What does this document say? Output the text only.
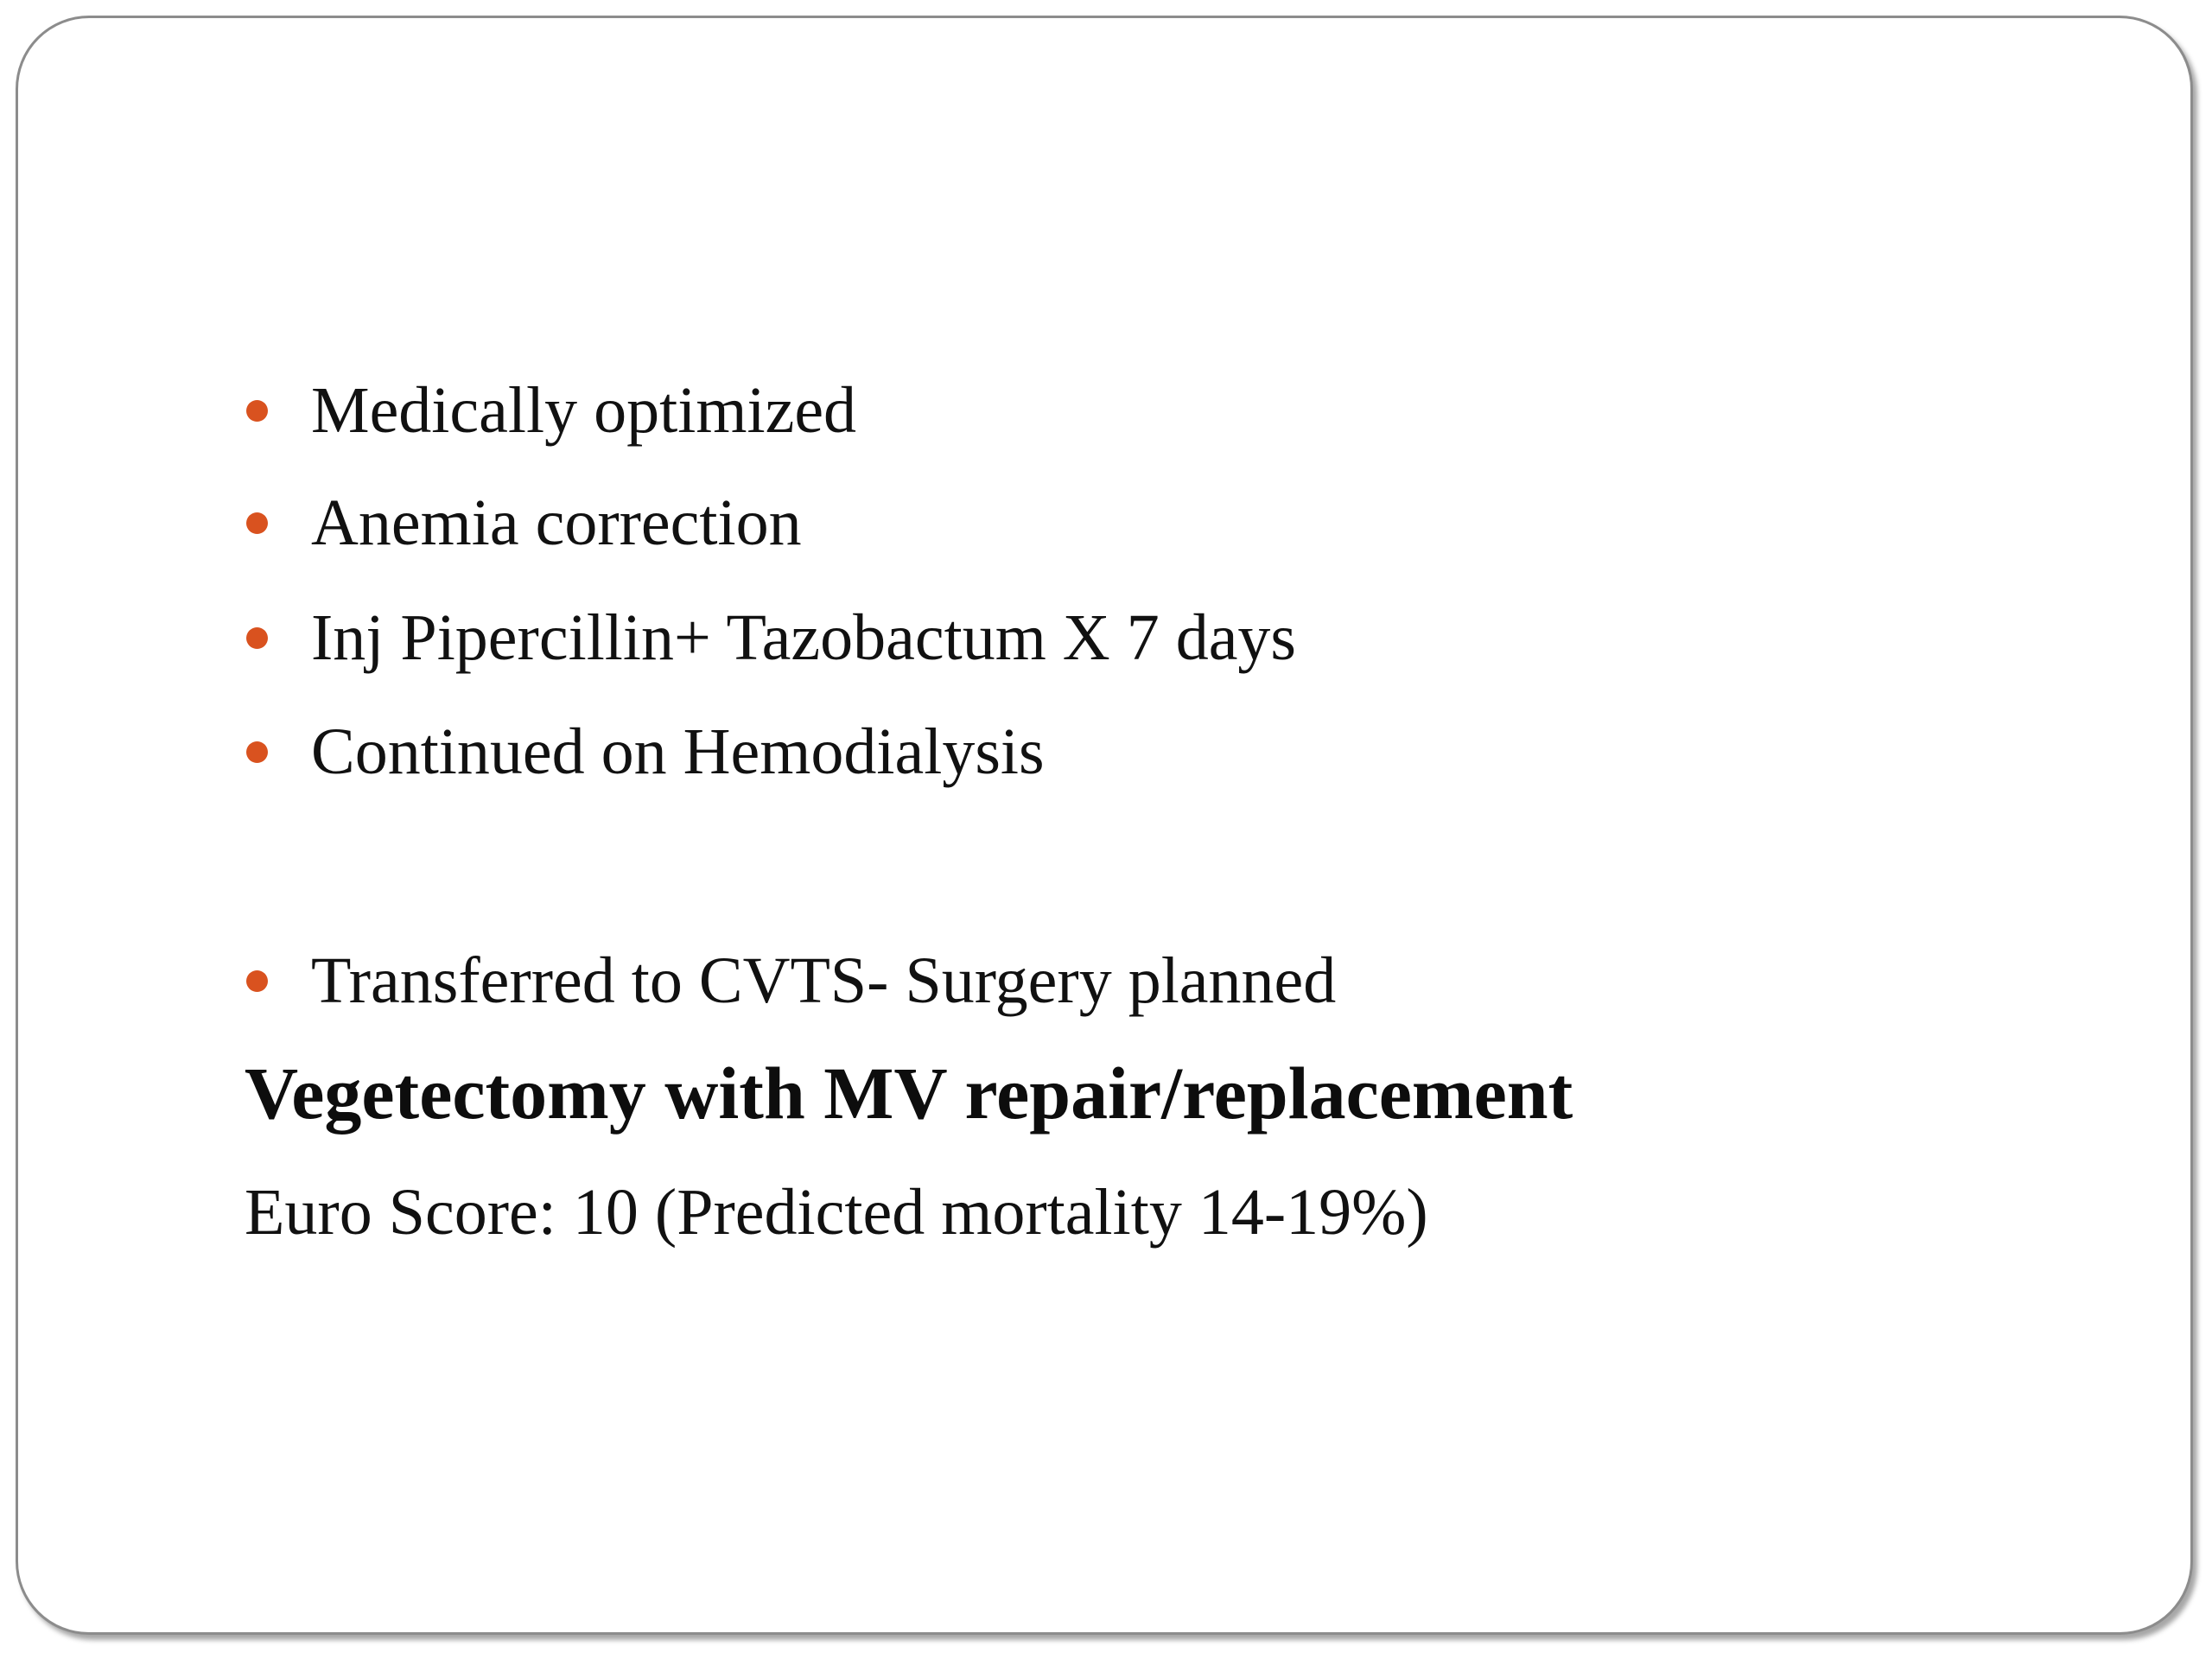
Medically optimized
Anemia correction
Inj Pipercillin+ Tazobactum X 7 days
Continued on Hemodialysis
Transferred to CVTS- Surgery planned
Vegetectomy with MV repair/replacement
Euro Score: 10 (Predicted mortality 14-19%)
